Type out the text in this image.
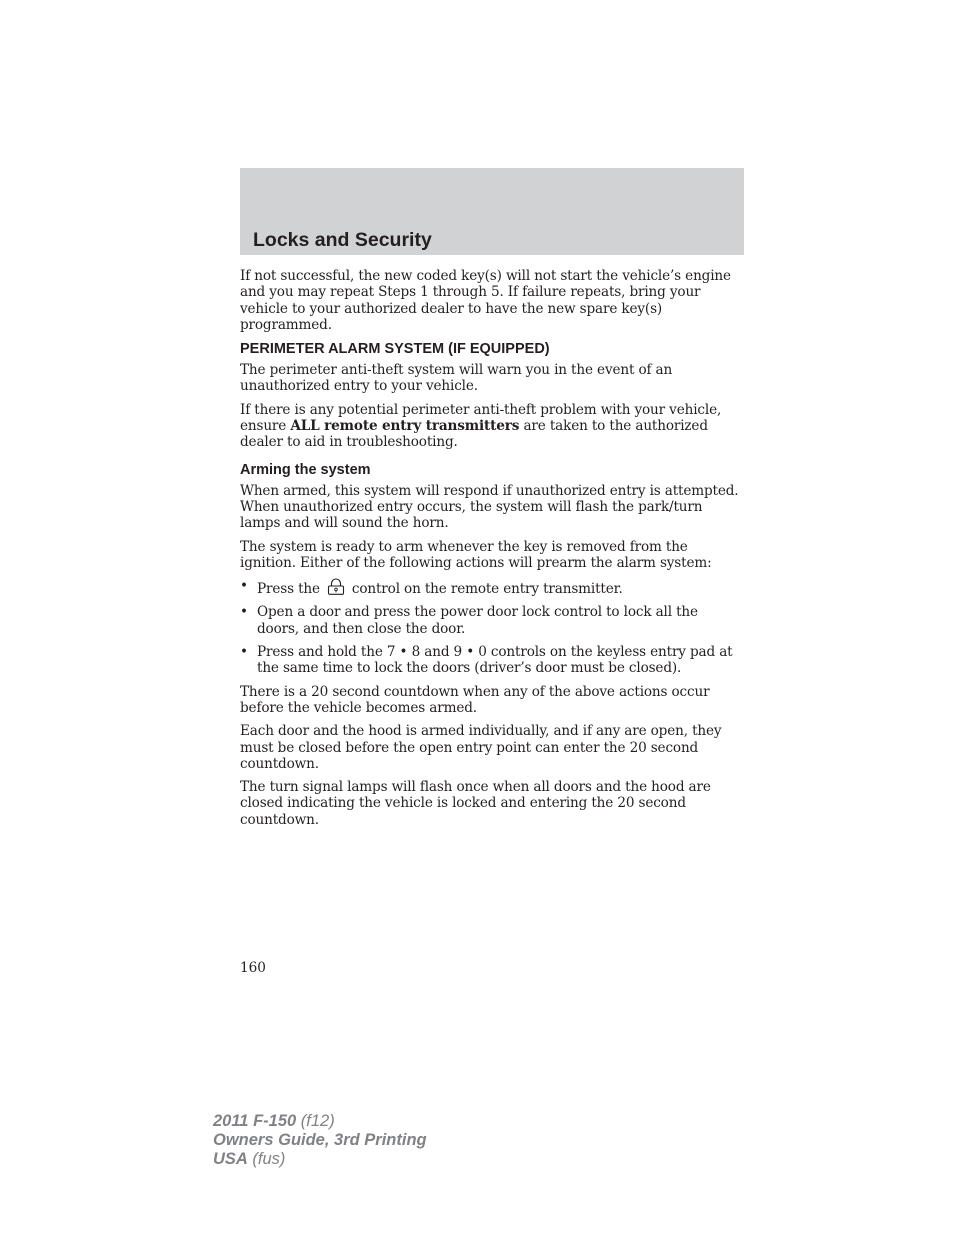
Locks and Security

If not successful, the new coded key(s) will not start the vehicle’s engine and you may repeat Steps 1 through 5. If failure repeats, bring your vehicle to your authorized dealer to have the new spare key(s) programmed.

PERIMETER ALARM SYSTEM (IF EQUIPPED)

The perimeter anti-theft system will warn you in the event of an unauthorized entry to your vehicle.

If there is any potential perimeter anti-theft problem with your vehicle, ensure ALL remote entry transmitters are taken to the authorized dealer to aid in troubleshooting.

Arming the system

When armed, this system will respond if unauthorized entry is attempted. When unauthorized entry occurs, the system will flash the park/turn lamps and will sound the horn.

The system is ready to arm whenever the key is removed from the ignition. Either of the following actions will prearm the alarm system:

• Press the control on the remote entry transmitter.
• Open a door and press the power door lock control to lock all the doors, and then close the door.
• Press and hold the 7 • 8 and 9 • 0 controls on the keyless entry pad at the same time to lock the doors (driver’s door must be closed).

There is a 20 second countdown when any of the above actions occur before the vehicle becomes armed.

Each door and the hood is armed individually, and if any are open, they must be closed before the open entry point can enter the 20 second countdown.

The turn signal lamps will flash once when all doors and the hood are closed indicating the vehicle is locked and entering the 20 second countdown.

160

2011 F-150 (f12)
Owners Guide, 3rd Printing
USA (fus)
